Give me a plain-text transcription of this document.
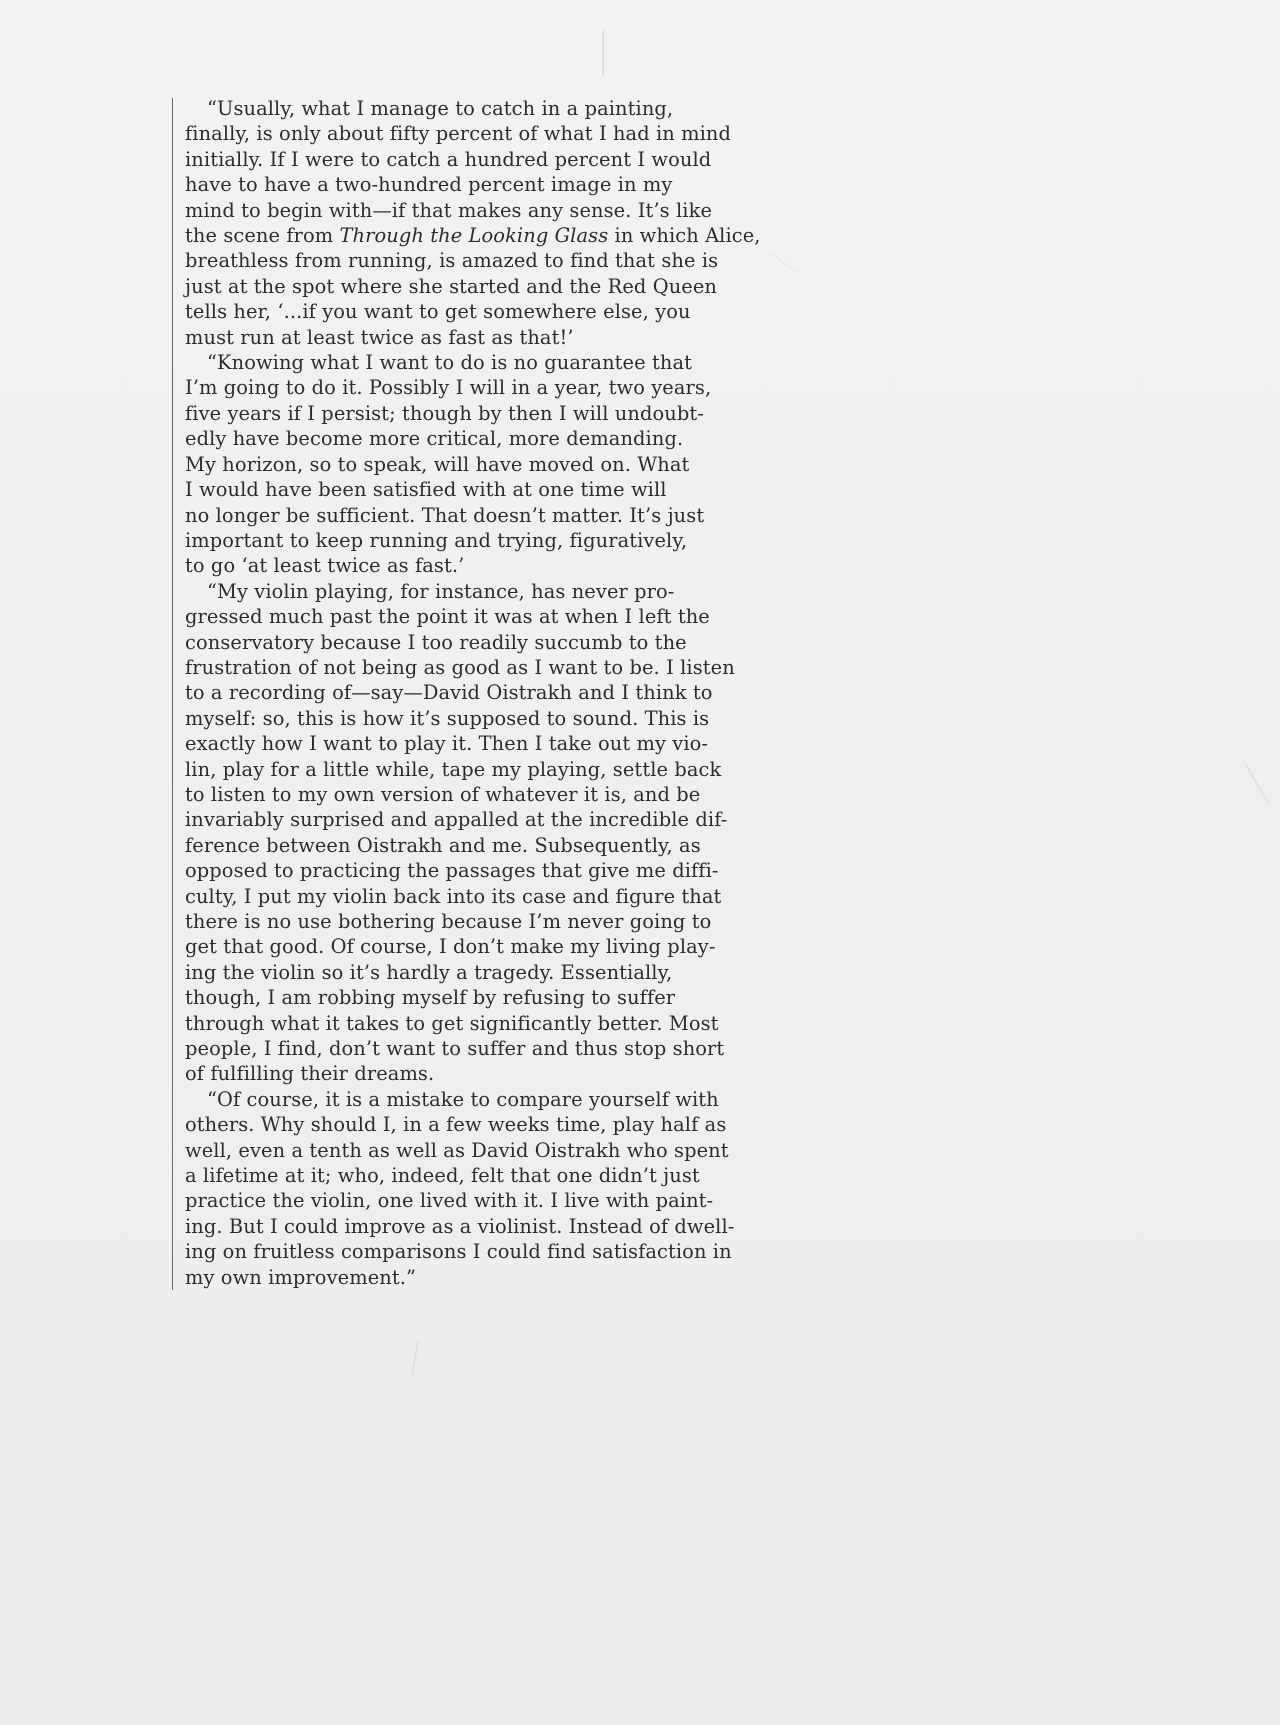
“Usually, what I manage to catch in a painting,
finally, is only about fifty percent of what I had in mind
initially. If I were to catch a hundred percent I would
have to have a two-hundred percent image in my
mind to begin with—if that makes any sense. It’s like
the scene from Through the Looking Glass in which Alice,
breathless from running, is amazed to find that she is
just at the spot where she started and the Red Queen
tells her, ‘...if you want to get somewhere else, you
must run at least twice as fast as that!’

“Knowing what I want to do is no guarantee that
I’m going to do it. Possibly I will in a year, two years,
five years if I persist; though by then I will undoubt-
edly have become more critical, more demanding.
My horizon, so to speak, will have moved on. What
I would have been satisfied with at one time will
no longer be sufficient. That doesn’t matter. It’s just
important to keep running and trying, figuratively,
to go ‘at least twice as fast.’

“My violin playing, for instance, has never pro-
gressed much past the point it was at when I left the
conservatory because I too readily succumb to the
frustration of not being as good as I want to be. I listen
to a recording of—say—David Oistrakh and I think to
myself: so, this is how it’s supposed to sound. This is
exactly how I want to play it. Then I take out my vio-
lin, play for a little while, tape my playing, settle back
to listen to my own version of whatever it is, and be
invariably surprised and appalled at the incredible dif-
ference between Oistrakh and me. Subsequently, as
opposed to practicing the passages that give me diffi-
culty, I put my violin back into its case and figure that
there is no use bothering because I’m never going to
get that good. Of course, I don’t make my living play-
ing the violin so it’s hardly a tragedy. Essentially,
though, I am robbing myself by refusing to suffer
through what it takes to get significantly better. Most
people, I find, don’t want to suffer and thus stop short
of fulfilling their dreams.

“Of course, it is a mistake to compare yourself with
others. Why should I, in a few weeks time, play half as
well, even a tenth as well as David Oistrakh who spent
a lifetime at it; who, indeed, felt that one didn’t just
practice the violin, one lived with it. I live with paint-
ing. But I could improve as a violinist. Instead of dwell-
ing on fruitless comparisons I could find satisfaction in
my own improvement.”
